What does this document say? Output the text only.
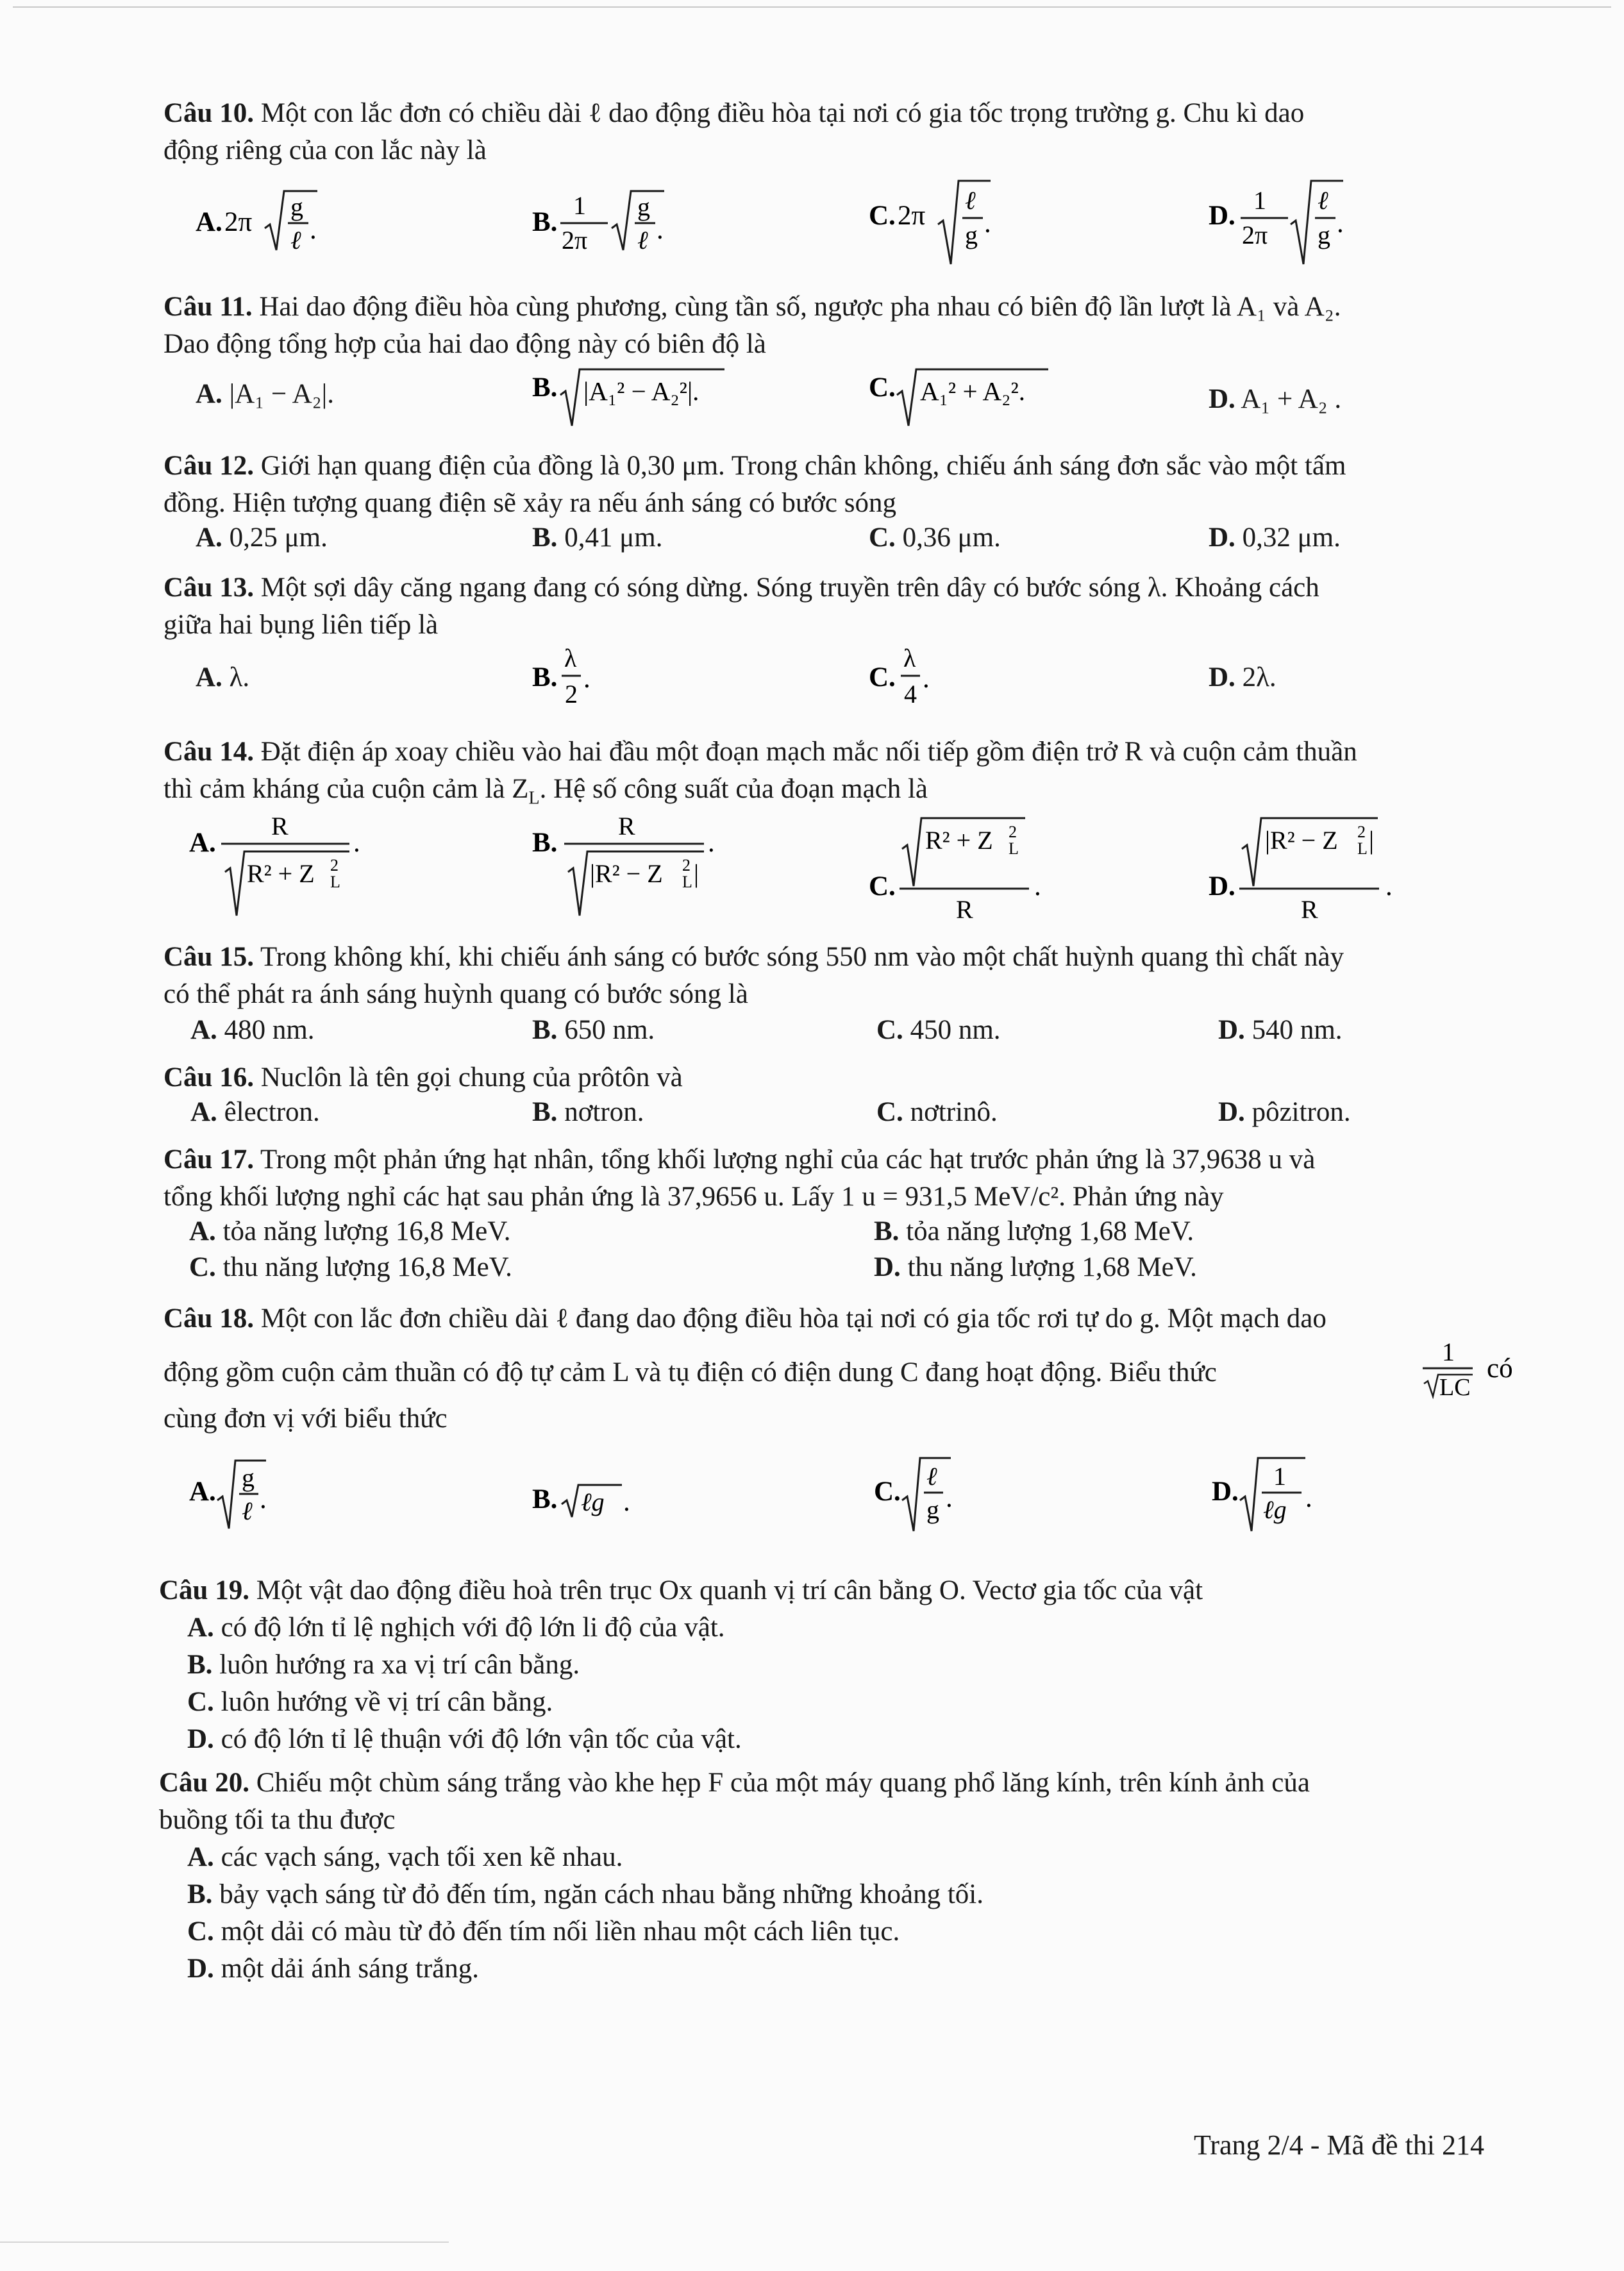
Câu 10. Một con lắc đơn có chiều dài ℓ dao động điều hòa tại nơi có gia tốc trọng trường g. Chu kì dao
động riêng của con lắc này là
A. 2π
g
ℓ .	B.
1
2π
g
ℓ .	C. 2π
ℓ
g .	D.
1
2π
ℓ
g .
Câu 11. Hai dao động điều hòa cùng phương, cùng tần số, ngược pha nhau có biên độ lần lượt là A₁ và A₂.
Dao động tổng hợp của hai dao động này có biên độ là
A. |A₁ − A₂|.	B. |A₁² − A₂²|.	C. A₁² + A₂².	D. A₁ + A₂ .
Câu 12. Giới hạn quang điện của đồng là 0,30 μm. Trong chân không, chiếu ánh sáng đơn sắc vào một tấm
đồng. Hiện tượng quang điện sẽ xảy ra nếu ánh sáng có bước sóng
A. 0,25 μm.	B. 0,41 μm.	C. 0,36 μm.	D. 0,32 μm.
Câu 13. Một sợi dây căng ngang đang có sóng dừng. Sóng truyền trên dây có bước sóng λ. Khoảng cách
giữa hai bụng liên tiếp là
A. λ.	B.
λ
2
.	C.
λ
4
.	D. 2λ.
Câu 14. Đặt điện áp xoay chiều vào hai đầu một đoạn mạch mắc nối tiếp gồm điện trở R và cuộn cảm thuần
thì cảm kháng của cuộn cảm là $Z_L$. Hệ số công suất của đoạn mạch là
A.
R
R² + Z 2
L
.	B.
R
|R² − Z 2
L |
.
C.
R² + Z 2
L
R
.	D.
|R² − Z 2
L |
R
.
Câu 15. Trong không khí, khi chiếu ánh sáng có bước sóng 550 nm vào một chất huỳnh quang thì chất này
có thể phát ra ánh sáng huỳnh quang có bước sóng là
A. 480 nm.	B. 650 nm.	C. 450 nm.	D. 540 nm.
Câu 16. Nuclôn là tên gọi chung của prôtôn và
A. êlectron.	B. nơtron.	C. nơtrinô.	D. pôzitron.
Câu 17. Trong một phản ứng hạt nhân, tổng khối lượng nghỉ của các hạt trước phản ứng là 37,9638 u và
tổng khối lượng nghỉ các hạt sau phản ứng là 37,9656 u. Lấy 1 u = 931,5 MeV/c². Phản ứng này
A. tỏa năng lượng 16,8 MeV.	B. tỏa năng lượng 1,68 MeV.
C. thu năng lượng 16,8 MeV.	D. thu năng lượng 1,68 MeV.
Câu 18. Một con lắc đơn chiều dài ℓ đang dao động điều hòa tại nơi có gia tốc rơi tự do g. Một mạch dao
động gồm cuộn cảm thuần có độ tự cảm L và tụ điện có điện dung C đang hoạt động. Biểu thức
1
LC
có
cùng đơn vị với biểu thức
A. g
ℓ .	B. ℓg .	C.
ℓ
g .	D.
1
ℓg .
Câu 19. Một vật dao động điều hoà trên trục Ox quanh vị trí cân bằng O. Vectơ gia tốc của vật
A. có độ lớn tỉ lệ nghịch với độ lớn li độ của vật.
B. luôn hướng ra xa vị trí cân bằng.
C. luôn hướng về vị trí cân bằng.
D. có độ lớn tỉ lệ thuận với độ lớn vận tốc của vật.
Câu 20. Chiếu một chùm sáng trắng vào khe hẹp F của một máy quang phổ lăng kính, trên kính ảnh của
buồng tối ta thu được
A. các vạch sáng, vạch tối xen kẽ nhau.
B. bảy vạch sáng từ đỏ đến tím, ngăn cách nhau bằng những khoảng tối.
C. một dải có màu từ đỏ đến tím nối liền nhau một cách liên tục.
D. một dải ánh sáng trắng.
Trang 2/4 - Mã đề thi 214
